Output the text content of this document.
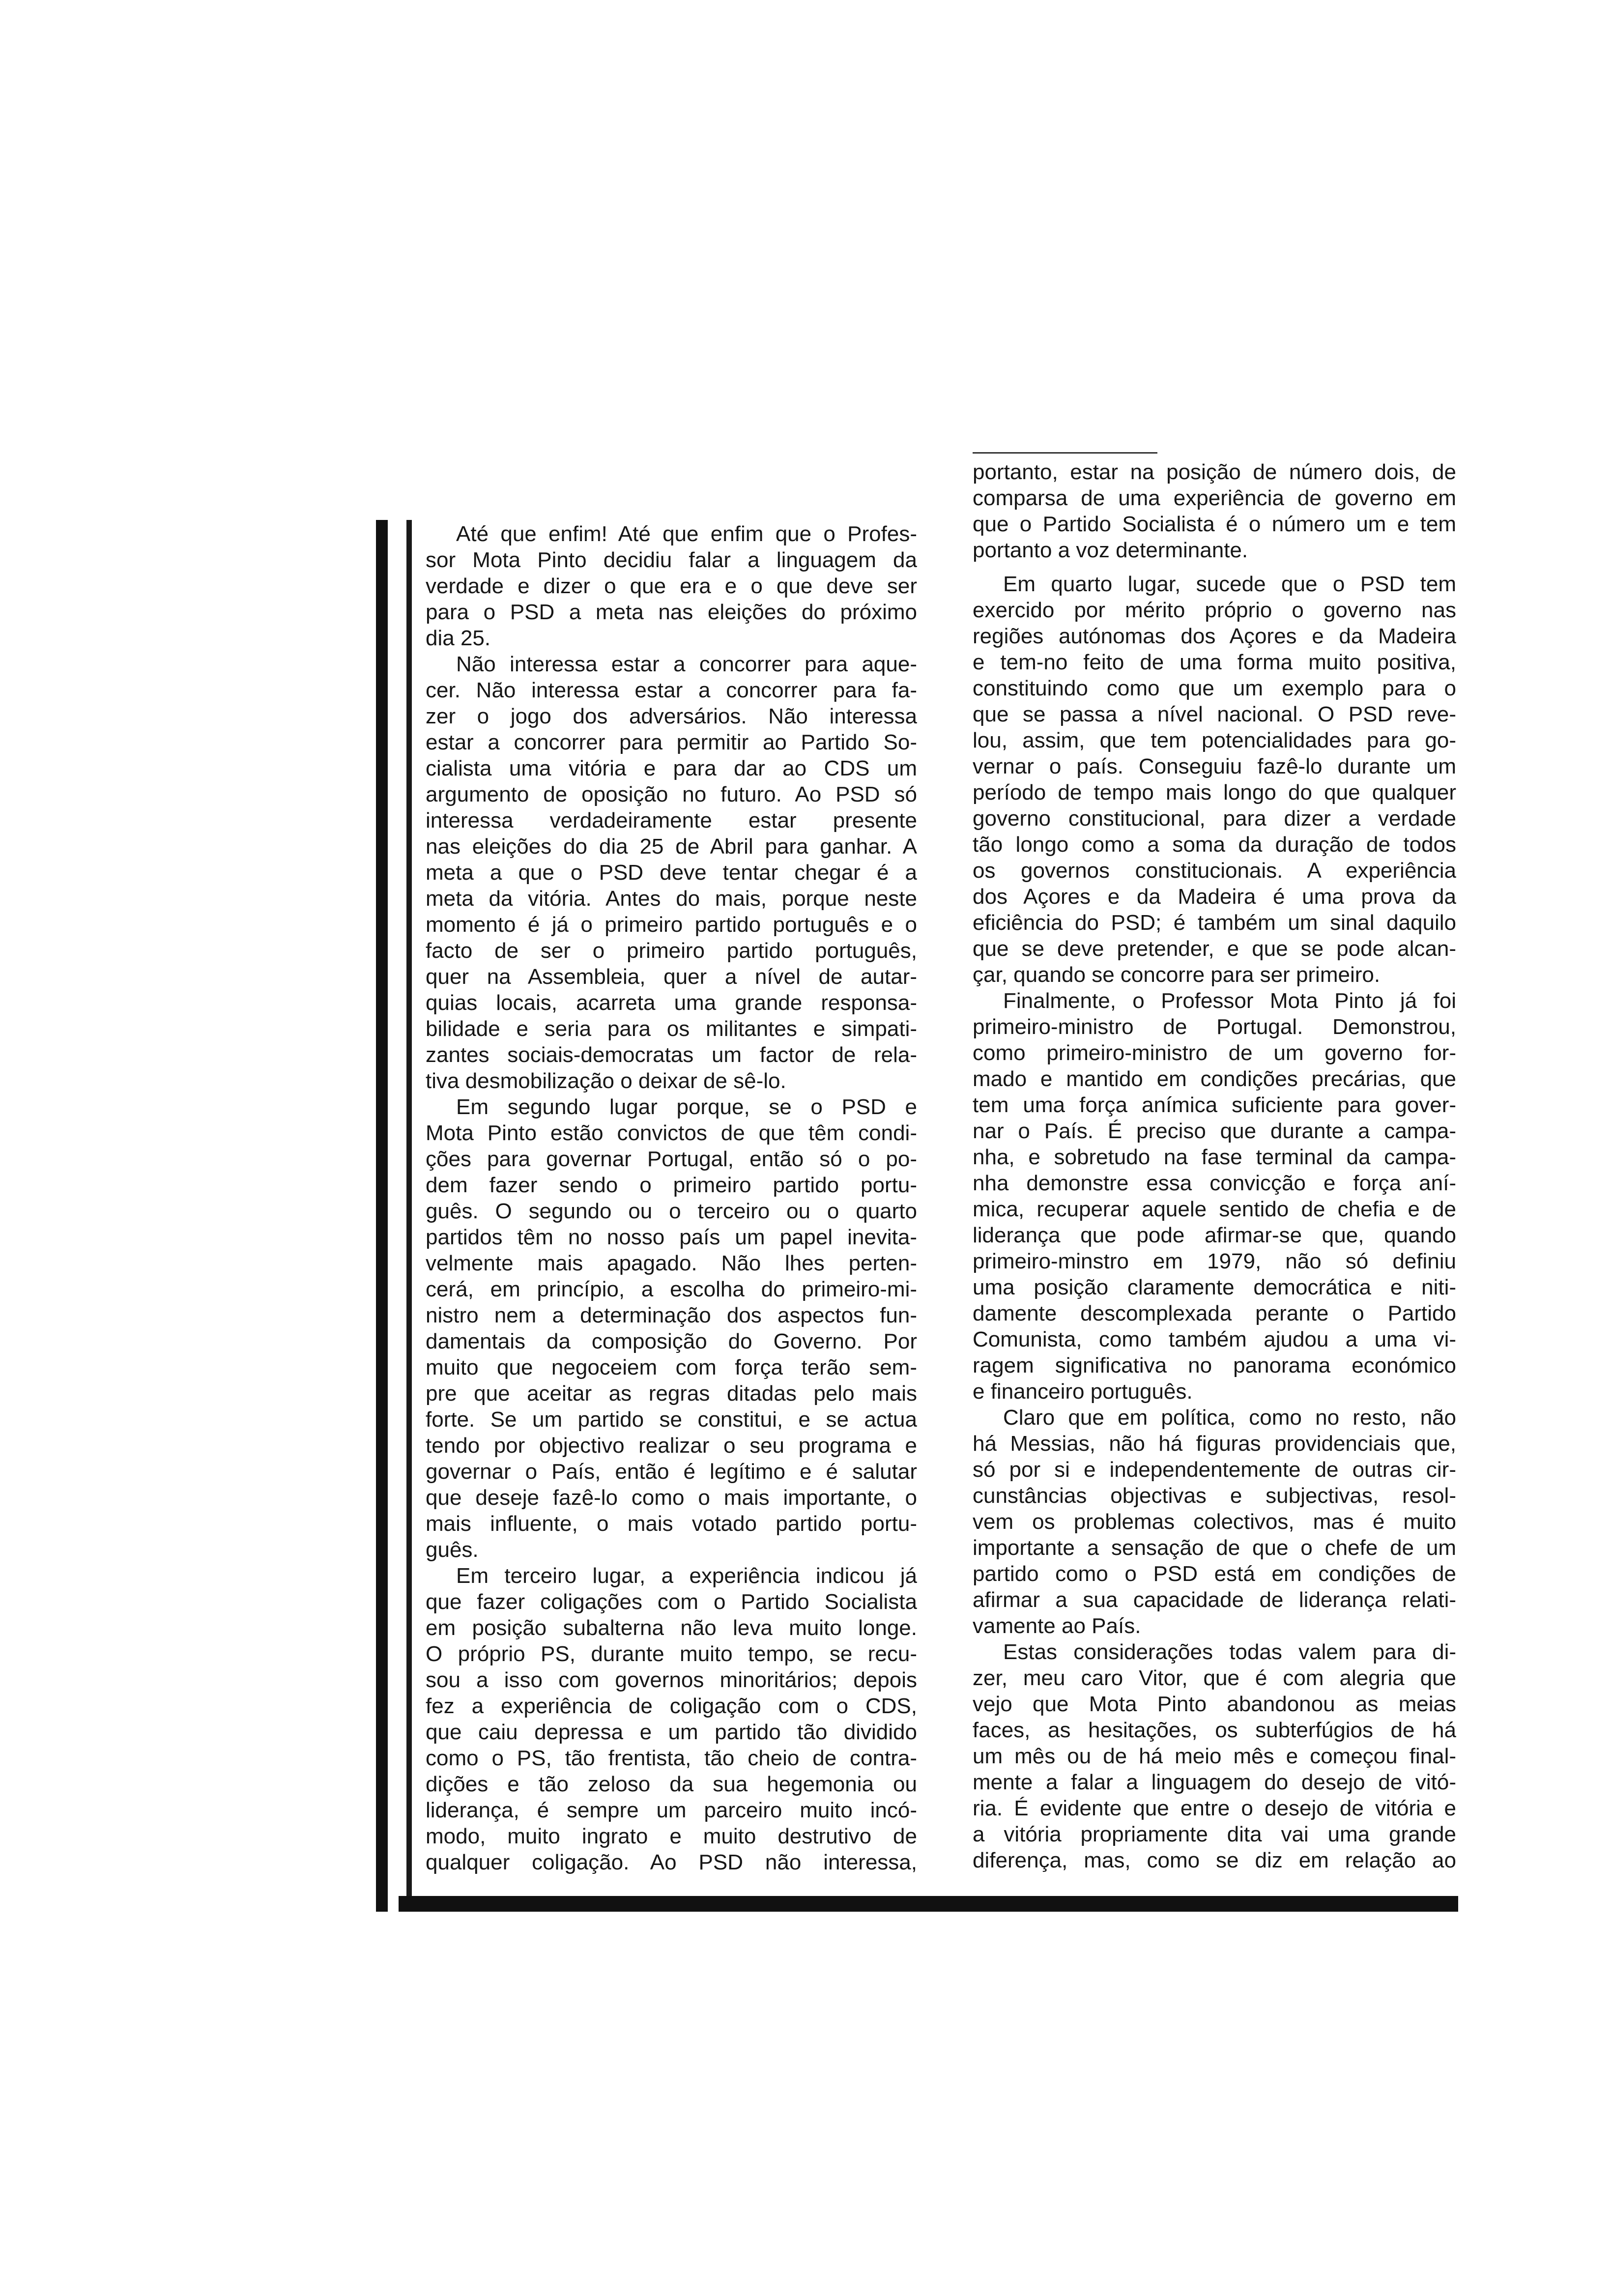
Até que enfim! Até que enfim que o Profes-
sor Mota Pinto decidiu falar a linguagem da
verdade e dizer o que era e o que deve ser
para o PSD a meta nas eleições do próximo
dia 25.
Não interessa estar a concorrer para aque-
cer. Não interessa estar a concorrer para fa-
zer o jogo dos adversários. Não interessa
estar a concorrer para permitir ao Partido So-
cialista uma vitória e para dar ao CDS um
argumento de oposição no futuro. Ao PSD só
interessa verdadeiramente estar presente
nas eleições do dia 25 de Abril para ganhar. A
meta a que o PSD deve tentar chegar é a
meta da vitória. Antes do mais, porque neste
momento é já o primeiro partido português e o
facto de ser o primeiro partido português,
quer na Assembleia, quer a nível de autar-
quias locais, acarreta uma grande responsa-
bilidade e seria para os militantes e simpati-
zantes sociais-democratas um factor de rela-
tiva desmobilização o deixar de sê-lo.
Em segundo lugar porque, se o PSD e
Mota Pinto estão convictos de que têm condi-
ções para governar Portugal, então só o po-
dem fazer sendo o primeiro partido portu-
guês. O segundo ou o terceiro ou o quarto
partidos têm no nosso país um papel inevita-
velmente mais apagado. Não lhes perten-
cerá, em princípio, a escolha do primeiro-mi-
nistro nem a determinação dos aspectos fun-
damentais da composição do Governo. Por
muito que negoceiem com força terão sem-
pre que aceitar as regras ditadas pelo mais
forte. Se um partido se constitui, e se actua
tendo por objectivo realizar o seu programa e
governar o País, então é legítimo e é salutar
que deseje fazê-lo como o mais importante, o
mais influente, o mais votado partido portu-
guês.
Em terceiro lugar, a experiência indicou já
que fazer coligações com o Partido Socialista
em posição subalterna não leva muito longe.
O próprio PS, durante muito tempo, se recu-
sou a isso com governos minoritários; depois
fez a experiência de coligação com o CDS,
que caiu depressa e um partido tão dividido
como o PS, tão frentista, tão cheio de contra-
dições e tão zeloso da sua hegemonia ou
liderança, é sempre um parceiro muito incó-
modo, muito ingrato e muito destrutivo de
qualquer coligação. Ao PSD não interessa,
portanto, estar na posição de número dois, de
comparsa de uma experiência de governo em
que o Partido Socialista é o número um e tem
portanto a voz determinante.
Em quarto lugar, sucede que o PSD tem
exercido por mérito próprio o governo nas
regiões autónomas dos Açores e da Madeira
e tem-no feito de uma forma muito positiva,
constituindo como que um exemplo para o
que se passa a nível nacional. O PSD reve-
lou, assim, que tem potencialidades para go-
vernar o país. Conseguiu fazê-lo durante um
período de tempo mais longo do que qualquer
governo constitucional, para dizer a verdade
tão longo como a soma da duração de todos
os governos constitucionais. A experiência
dos Açores e da Madeira é uma prova da
eficiência do PSD; é também um sinal daquilo
que se deve pretender, e que se pode alcan-
çar, quando se concorre para ser primeiro.
Finalmente, o Professor Mota Pinto já foi
primeiro-ministro de Portugal. Demonstrou,
como primeiro-ministro de um governo for-
mado e mantido em condições precárias, que
tem uma força anímica suficiente para gover-
nar o País. É preciso que durante a campa-
nha, e sobretudo na fase terminal da campa-
nha demonstre essa convicção e força aní-
mica, recuperar aquele sentido de chefia e de
liderança que pode afirmar-se que, quando
primeiro-minstro em 1979, não só definiu
uma posição claramente democrática e niti-
damente descomplexada perante o Partido
Comunista, como também ajudou a uma vi-
ragem significativa no panorama económico
e financeiro português.
Claro que em política, como no resto, não
há Messias, não há figuras providenciais que,
só por si e independentemente de outras cir-
cunstâncias objectivas e subjectivas, resol-
vem os problemas colectivos, mas é muito
importante a sensação de que o chefe de um
partido como o PSD está em condições de
afirmar a sua capacidade de liderança relati-
vamente ao País.
Estas considerações todas valem para di-
zer, meu caro Vitor, que é com alegria que
vejo que Mota Pinto abandonou as meias
faces, as hesitações, os subterfúgios de há
um mês ou de há meio mês e começou final-
mente a falar a linguagem do desejo de vitó-
ria. É evidente que entre o desejo de vitória e
a vitória propriamente dita vai uma grande
diferença, mas, como se diz em relação ao
